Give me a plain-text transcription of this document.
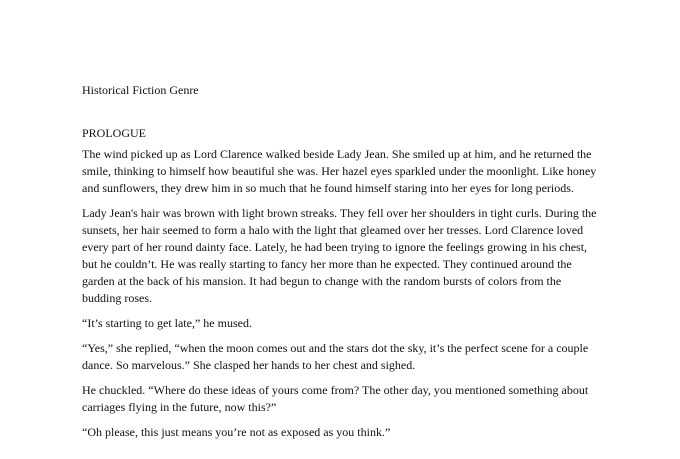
Historical Fiction Genre

PROLOGUE

The wind picked up as Lord Clarence walked beside Lady Jean. She smiled up at him, and he returned the smile, thinking to himself how beautiful she was. Her hazel eyes sparkled under the moonlight. Like honey and sunflowers, they drew him in so much that he found himself staring into her eyes for long periods.

Lady Jean's hair was brown with light brown streaks. They fell over her shoulders in tight curls. During the sunsets, her hair seemed to form a halo with the light that gleamed over her tresses. Lord Clarence loved every part of her round dainty face. Lately, he had been trying to ignore the feelings growing in his chest, but he couldn’t. He was really starting to fancy her more than he expected. They continued around the garden at the back of his mansion. It had begun to change with the random bursts of colors from the budding roses.

“It’s starting to get late,” he mused.

“Yes,” she replied, “when the moon comes out and the stars dot the sky, it’s the perfect scene for a couple dance. So marvelous.” She clasped her hands to her chest and sighed.

He chuckled. “Where do these ideas of yours come from? The other day, you mentioned something about carriages flying in the future, now this?”

“Oh please, this just means you’re not as exposed as you think.”
